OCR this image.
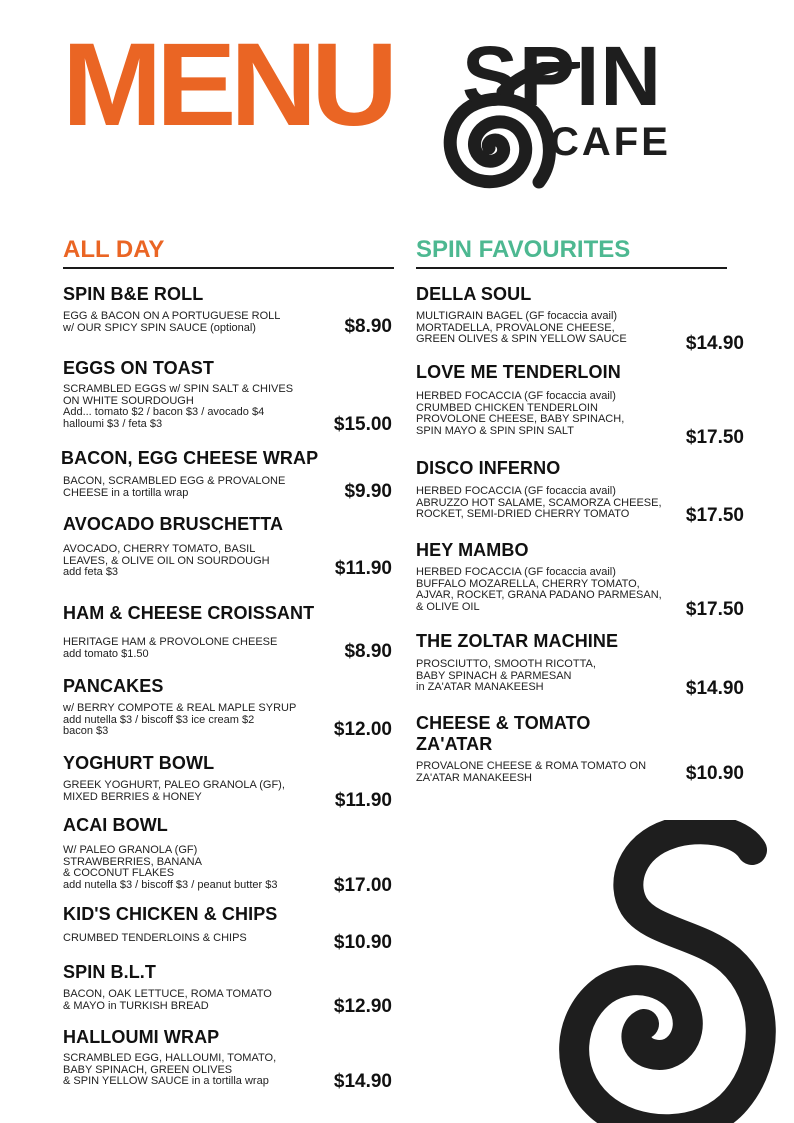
MENU SPIN
CAFE
ALL DAY	SPIN FAVOURITES
SPIN B&E ROLL

EGG & BACON ON A PORTUGUESE ROLL
w/ OUR SPICY SPIN SAUCE (optional)	$8.90

EGGS ON TOAST

SCRAMBLED EGGS w/ SPIN SALT & CHIVES
ON WHITE SOURDOUGH
Add... tomato $2 / bacon $3 / avocado $4
halloumi $3 / feta $3	$15.00

BACON, EGG CHEESE WRAP

BACON, SCRAMBLED EGG & PROVALONE
CHEESE in a tortilla wrap	$9.90

AVOCADO BRUSCHETTA

AVOCADO, CHERRY TOMATO, BASIL
LEAVES, & OLIVE OIL ON SOURDOUGH
add feta $3	$11.90

HAM & CHEESE CROISSANT

HERITAGE HAM & PROVOLONE CHEESE
add tomato $1.50	$8.90

PANCAKES

w/ BERRY COMPOTE & REAL MAPLE SYRUP
add nutella $3 / biscoff $3 ice cream $2
bacon $3	$12.00

YOGHURT BOWL

GREEK YOGHURT, PALEO GRANOLA (GF),
MIXED BERRIES & HONEY	$11.90

ACAI BOWL

W/ PALEO GRANOLA (GF)
STRAWBERRIES, BANANA
& COCONUT FLAKES
add nutella $3 / biscoff $3 / peanut butter $3	$17.00

KID'S CHICKEN & CHIPS

CRUMBED TENDERLOINS & CHIPS	$10.90

SPIN B.L.T

BACON, OAK LETTUCE, ROMA TOMATO
& MAYO in TURKISH BREAD	$12.90

HALLOUMI WRAP

SCRAMBLED EGG, HALLOUMI, TOMATO,
BABY SPINACH, GREEN OLIVES
& SPIN YELLOW SAUCE in a tortilla wrap	$14.90

DELLA SOUL

MULTIGRAIN BAGEL (GF focaccia avail)
MORTADELLA, PROVALONE CHEESE,
GREEN OLIVES & SPIN YELLOW SAUCE	$14.90

LOVE ME TENDERLOIN

HERBED FOCACCIA (GF focaccia avail)
CRUMBED CHICKEN TENDERLOIN
PROVOLONE CHEESE, BABY SPINACH,
SPIN MAYO & SPIN SPIN SALT	$17.50

DISCO INFERNO

HERBED FOCACCIA (GF focaccia avail)
ABRUZZO HOT SALAME, SCAMORZA CHEESE,
ROCKET, SEMI-DRIED CHERRY TOMATO	$17.50

HEY MAMBO

HERBED FOCACCIA (GF focaccia avail)
BUFFALO MOZARELLA, CHERRY TOMATO,
AJVAR, ROCKET, GRANA PADANO PARMESAN,
& OLIVE OIL	$17.50

THE ZOLTAR MACHINE

PROSCIUTTO, SMOOTH RICOTTA,
BABY SPINACH & PARMESAN
in ZA'ATAR MANAKEESH	$14.90

CHEESE & TOMATO
ZA'ATAR

PROVALONE CHEESE & ROMA TOMATO ON
ZA'ATAR MANAKEESH	$10.90
